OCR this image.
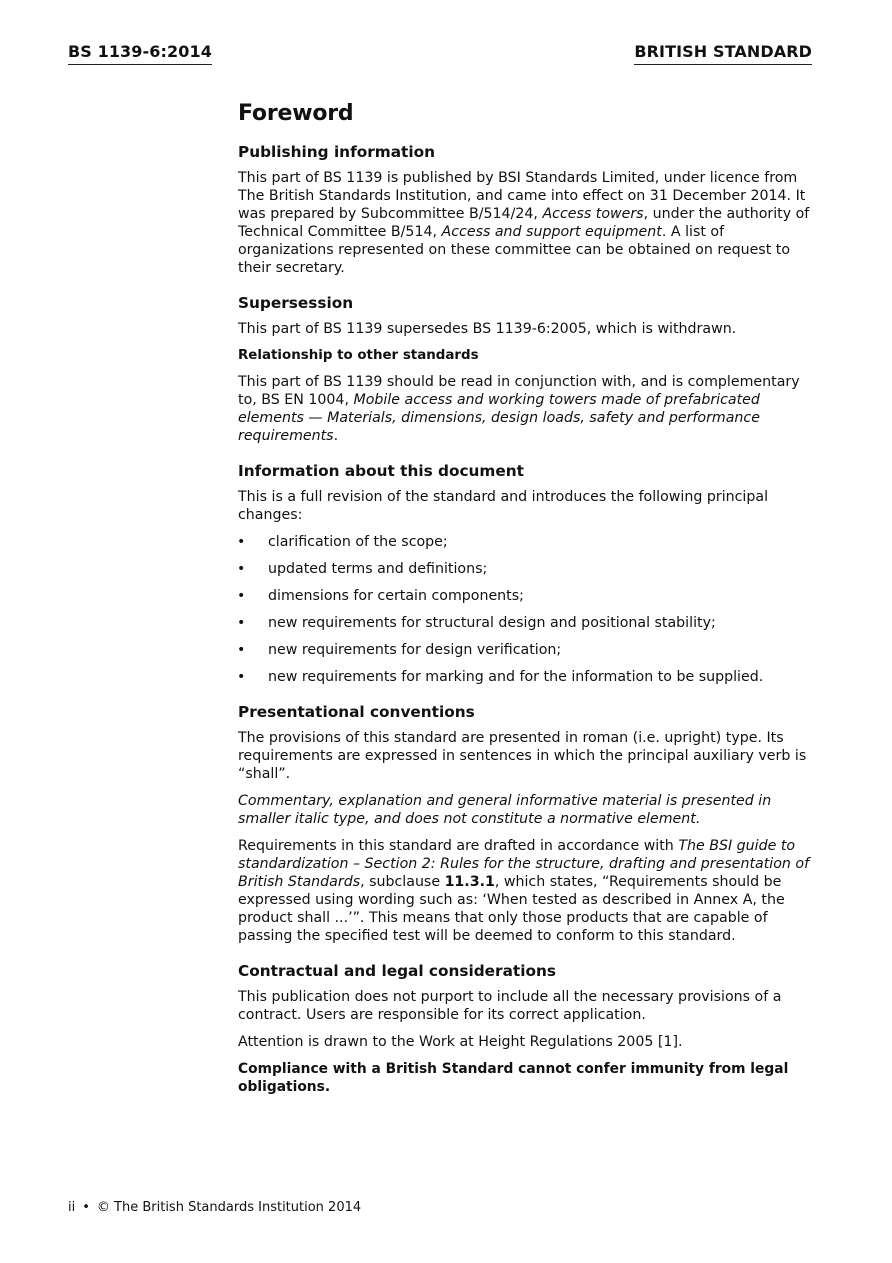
BS 1139-6:2014	BRITISH STANDARD
Foreword
Publishing information

This part of BS 1139 is published by BSI Standards Limited, under licence from The British Standards Institution, and came into effect on 31 December 2014. It was prepared by Subcommittee B/514/24, Access towers, under the authority of Technical Committee B/514, Access and support equipment. A list of organizations represented on these committee can be obtained on request to their secretary.

Supersession

This part of BS 1139 supersedes BS 1139-6:2005, which is withdrawn.

Relationship to other standards

This part of BS 1139 should be read in conjunction with, and is complementary to, BS EN 1004, Mobile access and working towers made of prefabricated elements — Materials, dimensions, design loads, safety and performance requirements.

Information about this document

This is a full revision of the standard and introduces the following principal changes:

• clarification of the scope;
• updated terms and definitions;
• dimensions for certain components;
• new requirements for structural design and positional stability;
• new requirements for design verification;
• new requirements for marking and for the information to be supplied.
Presentational conventions

The provisions of this standard are presented in roman (i.e. upright) type. Its requirements are expressed in sentences in which the principal auxiliary verb is “shall”.

Commentary, explanation and general informative material is presented in smaller italic type, and does not constitute a normative element.

Requirements in this standard are drafted in accordance with The BSI guide to standardization – Section 2: Rules for the structure, drafting and presentation of British Standards, subclause 11.3.1, which states, “Requirements should be expressed using wording such as: ‘When tested as described in Annex A, the product shall ...’”. This means that only those products that are capable of passing the specified test will be deemed to conform to this standard.

Contractual and legal considerations

This publication does not purport to include all the necessary provisions of a contract. Users are responsible for its correct application.

Attention is drawn to the Work at Height Regulations 2005 [1].

Compliance with a British Standard cannot confer immunity from legal obligations.

ii • © The British Standards Institution 2014
